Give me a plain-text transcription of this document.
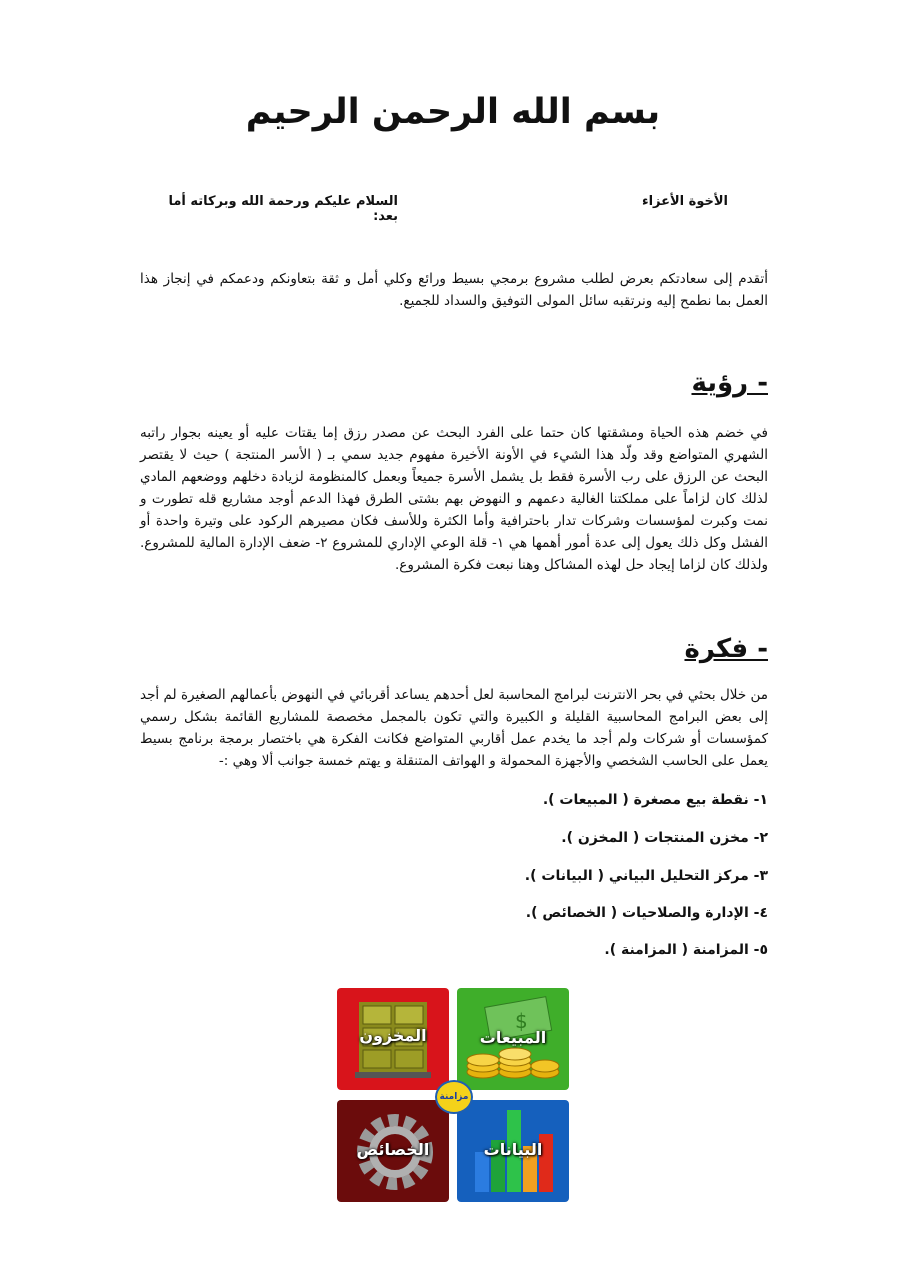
بسم الله الرحمن الرحيم
الأخوة الأعزاء
السلام عليكم ورحمة الله وبركاته أما بعد:
أتقدم إلى سعادتكم بعرض لطلب مشروع برمجي بسيط ورائع وكلي أمل و ثقة بتعاونكم ودعمكم في إنجاز هذا العمل بما نطمح إليه ونرتقبه سائل المولى التوفيق والسداد للجميع.
- رؤية
في خضم هذه الحياة ومشقتها كان حتما على الفرد البحث عن مصدر رزق إما يقتات عليه أو يعينه بجوار راتبه الشهري المتواضع وقد ولّد هذا الشيء في الأونة الأخيرة مفهوم جديد سمي بـ ( الأسر المنتجة ) حيث لا يقتصر البحث عن الرزق على رب الأسرة فقط بل يشمل الأسرة جميعاً وبعمل كالمنظومة لزيادة دخلهم ووضعهم المادي لذلك كان لزاماً على مملكتنا الغالية دعمهم و النهوض بهم بشتى الطرق فهذا الدعم أوجد مشاريع قله تطورت و نمت وكبرت لمؤسسات وشركات تدار باحترافية وأما الكثرة وللأسف فكان مصيرهم الركود على وتيرة واحدة أو الفشل وكل ذلك يعول إلى عدة أمور أهمها هي ١- قلة الوعي الإداري للمشروع ٢- ضعف الإدارة المالية للمشروع. ولذلك كان لزاما إيجاد حل لهذه المشاكل وهنا نبعت فكرة المشروع.
- فكرة
من خلال بحثي في بحر الانترنت لبرامج المحاسبة لعل أحدهم يساعد أقربائي في النهوض بأعمالهم الصغيرة لم أجد إلى بعض البرامج المحاسبية القليلة و الكبيرة والتي تكون بالمجمل مخصصة للمشاريع القائمة بشكل رسمي كمؤسسات أو شركات ولم أجد ما يخدم عمل أقاربي المتواضع فكانت الفكرة هي باختصار برمجة برنامج بسيط يعمل على الحاسب الشخصي والأجهزة المحمولة و الهواتف المتنقلة و يهتم خمسة جوانب ألا وهي :-
١- نقطة بيع مصغرة ( المبيعات ).
٢- مخزن المنتجات ( المخزن ).
٣- مركز التحليل البياني ( البيانات ).
٤- الإدارة والصلاحيات ( الخصائص ).
٥- المزامنة ( المزامنة ).
المخزون
$
المبيعات
الخصائص	البيانات
مزامنة
